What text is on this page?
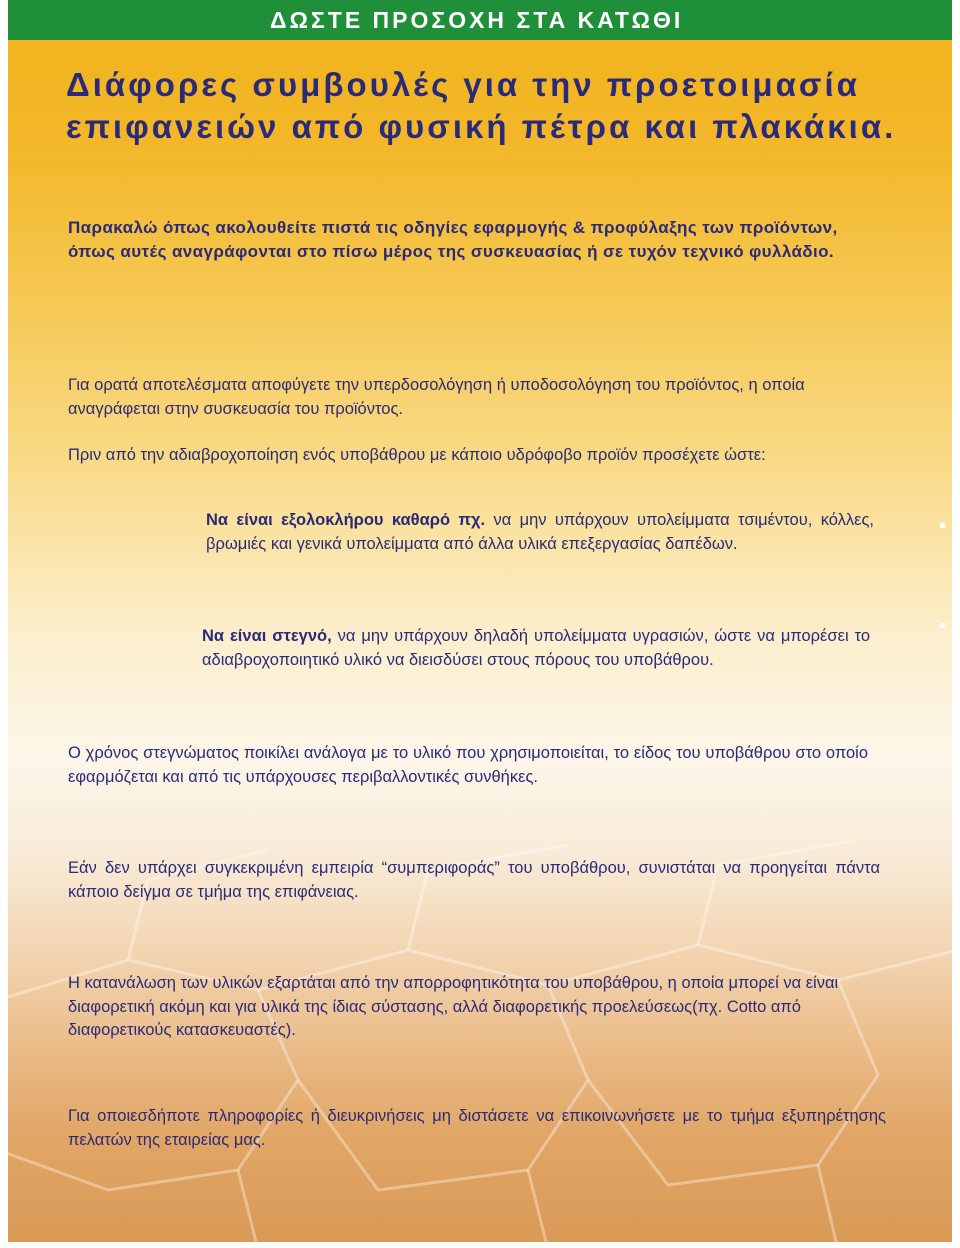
ΔΩΣΤΕ ΠΡΟΣΟΧΗ ΣΤΑ ΚΑΤΩΘΙ
Διάφορες συμβουλές για την προετοιμασία
επιφανειών από φυσική πέτρα και πλακάκια.

Παρακαλώ όπως ακολουθείτε πιστά τις οδηγίες εφαρμογής & προφύλαξης των προϊόντων, όπως αυτές αναγράφονται στο πίσω μέρος της συσκευασίας ή σε τυχόν τεχνικό φυλλάδιο.

Για ορατά αποτελέσματα αποφύγετε την υπερδοσολόγηση ή υποδοσολόγηση του προϊόντος, η οποία αναγράφεται στην συσκευασία του προϊόντος.

Πριν από την αδιαβροχοποίηση ενός υποβάθρου με κάποιο υδρόφοβο προϊόν προσέχετε ώστε:

Να είναι εξολοκλήρου καθαρό πχ. να μην υπάρχουν υπολείμματα τσιμέντου, κόλλες, βρωμιές και γενικά υπολείμματα από άλλα υλικά επεξεργασίας δαπέδων.

Να είναι στεγνό, να μην υπάρχουν δηλαδή υπολείμματα υγρασιών, ώστε να μπορέσει το αδιαβροχοποιητικό υλικό να διεισδύσει στους πόρους του υποβάθρου.

Ο χρόνος στεγνώματος ποικίλει ανάλογα με το υλικό που χρησιμοποιείται, το είδος του υποβάθρου στο οποίο εφαρμόζεται και από τις υπάρχουσες περιβαλλοντικές συνθήκες.

Εάν δεν υπάρχει συγκεκριμένη εμπειρία “συμπεριφοράς” του υποβάθρου, συνιστάται να προηγείται πάντα κάποιο δείγμα σε τμήμα της επιφάνειας.

Η κατανάλωση των υλικών εξαρτάται από την απορροφητικότητα του υποβάθρου, η οποία μπορεί να είναι διαφορετική ακόμη και για υλικά της ίδιας σύστασης, αλλά διαφορετικής προελεύσεως(πχ. Cotto από διαφορετικούς κατασκευαστές).

Για οποιεσδήποτε πληροφορίες ή διευκρινήσεις μη διστάσετε να επικοινωνήσετε με το τμήμα εξυπηρέτησης πελατών της εταιρείας μας.
